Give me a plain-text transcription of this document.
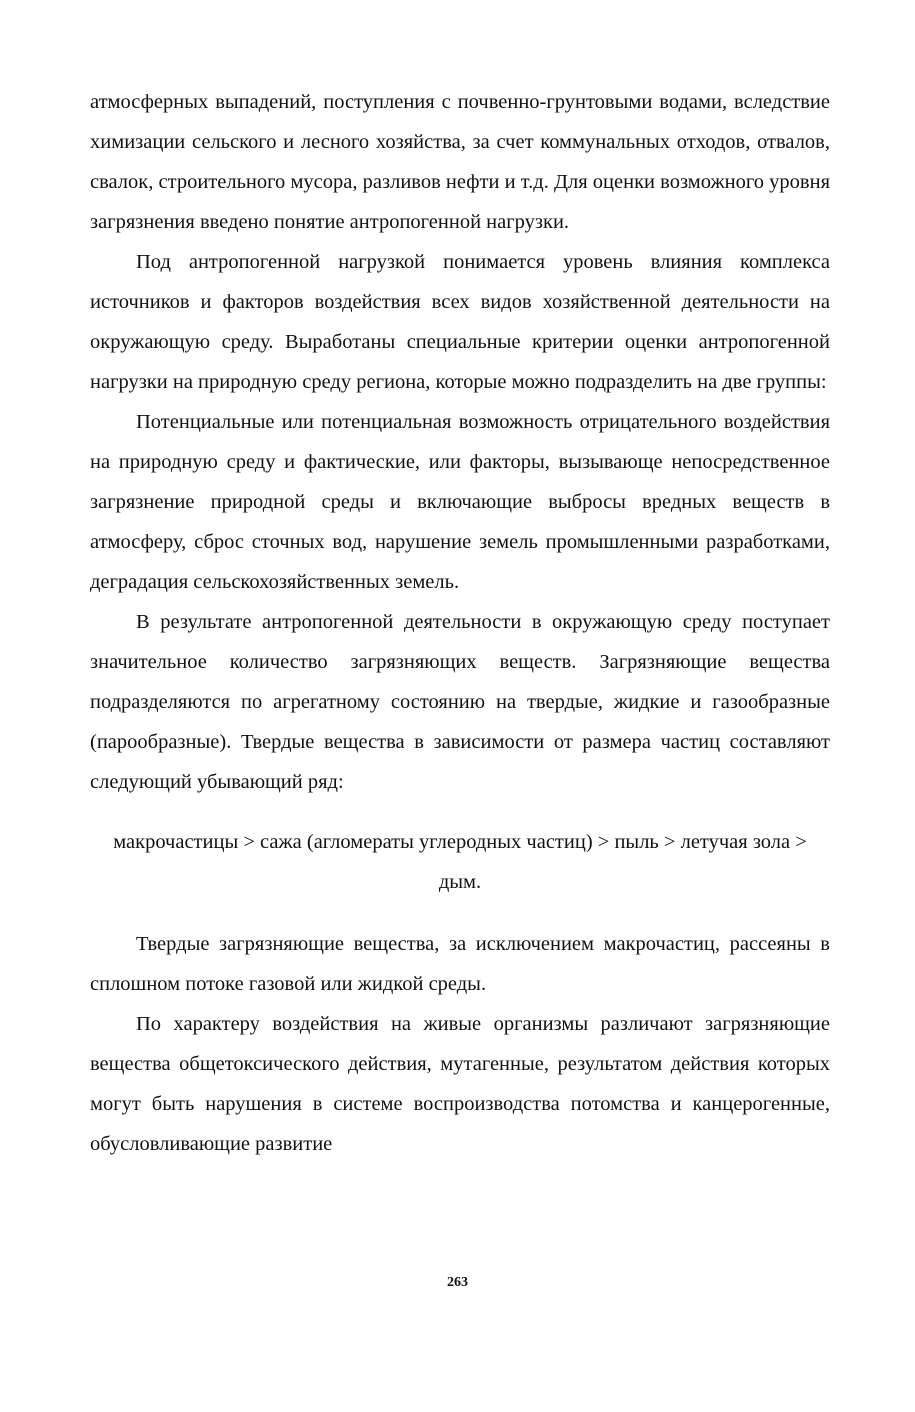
атмосферных выпадений, поступления с почвенно-грунтовыми водами, вследствие химизации сельского и лесного хозяйства, за счет коммунальных отходов, отвалов, свалок, строительного мусора, разливов нефти и т.д. Для оценки возможного уровня загрязнения введено понятие антропогенной нагрузки.

Под антропогенной нагрузкой понимается уровень влияния комплекса источников и факторов воздействия всех видов хозяйственной деятельности на окружающую среду. Выработаны специальные критерии оценки антропогенной нагрузки на природную среду региона, которые можно подразделить на две группы:

Потенциальные или потенциальная возможность отрицательного воздействия на природную среду и фактические, или факторы, вызывающе непосредственное загрязнение природной среды и включающие выбросы вредных веществ в атмосферу, сброс сточных вод, нарушение земель промышленными разработками, деградация сельскохозяйственных земель.

В результате антропогенной деятельности в окружающую среду поступает значительное количество загрязняющих веществ. Загрязняющие вещества подразделяются по агрегатному состоянию на твердые, жидкие и газообразные (парообразные). Твердые вещества в зависимости от размера частиц составляют следующий убывающий ряд:

макрочастицы > сажа (агломераты углеродных частиц) > пыль > летучая зола > дым.

Твердые загрязняющие вещества, за исключением макрочастиц, рассеяны в сплошном потоке газовой или жидкой среды.

По характеру воздействия на живые организмы различают загрязняющие вещества общетоксического действия, мутагенные, результатом действия которых могут быть нарушения в системе воспроизводства потомства и канцерогенные, обусловливающие развитие

263
